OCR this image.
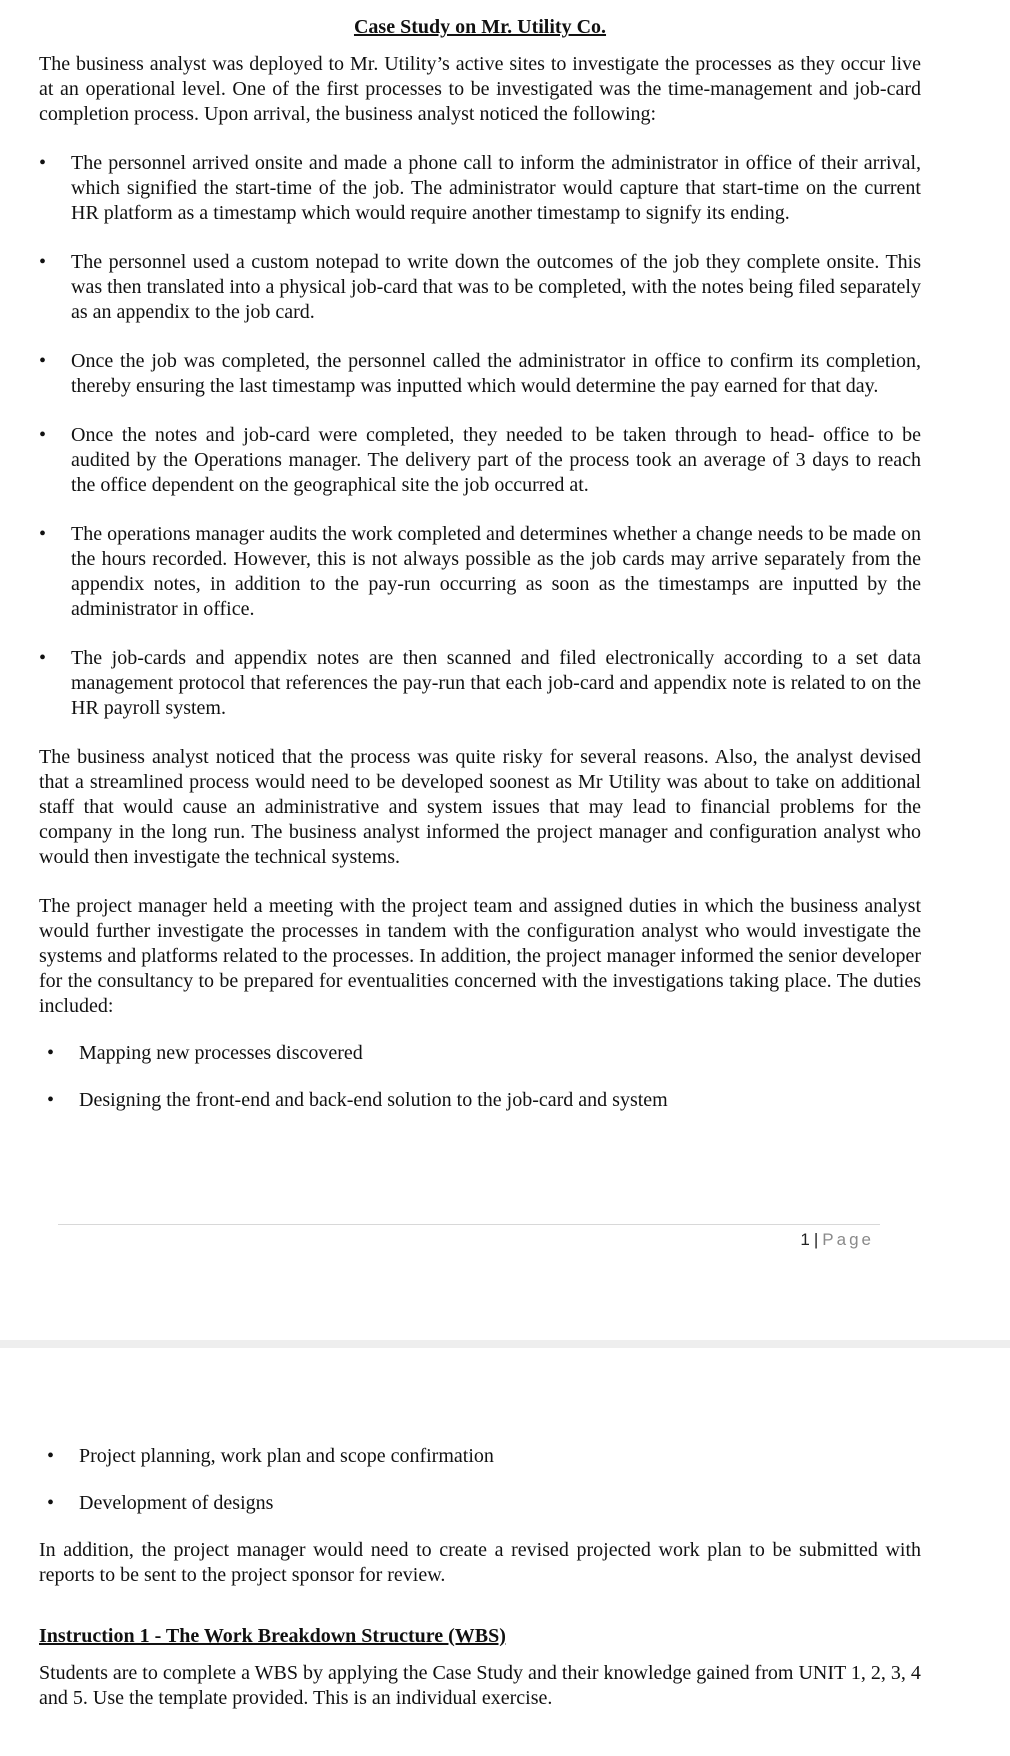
Case Study on Mr. Utility Co.

The business analyst was deployed to Mr. Utility’s active sites to investigate the processes as they occur live at an operational level. One of the first processes to be investigated was the time-management and job-card completion process. Upon arrival, the business analyst noticed the following:

• The personnel arrived onsite and made a phone call to inform the administrator in office of their arrival, which signified the start-time of the job. The administrator would capture that start-time on the current HR platform as a timestamp which would require another timestamp to signify its ending.
• The personnel used a custom notepad to write down the outcomes of the job they complete onsite. This was then translated into a physical job-card that was to be completed, with the notes being filed separately as an appendix to the job card.
• Once the job was completed, the personnel called the administrator in office to confirm its completion, thereby ensuring the last timestamp was inputted which would determine the pay earned for that day.
• Once the notes and job-card were completed, they needed to be taken through to head- office to be audited by the Operations manager. The delivery part of the process took an average of 3 days to reach the office dependent on the geographical site the job occurred at.
• The operations manager audits the work completed and determines whether a change needs to be made on the hours recorded. However, this is not always possible as the job cards may arrive separately from the appendix notes, in addition to the pay-run occurring as soon as the timestamps are inputted by the administrator in office.
• The job-cards and appendix notes are then scanned and filed electronically according to a set data management protocol that references the pay-run that each job-card and appendix note is related to on the HR payroll system.

The business analyst noticed that the process was quite risky for several reasons. Also, the analyst devised that a streamlined process would need to be developed soonest as Mr Utility was about to take on additional staff that would cause an administrative and system issues that may lead to financial problems for the company in the long run. The business analyst informed the project manager and configuration analyst who would then investigate the technical systems.

The project manager held a meeting with the project team and assigned duties in which the business analyst would further investigate the processes in tandem with the configuration analyst who would investigate the systems and platforms related to the processes. In addition, the project manager informed the senior developer for the consultancy to be prepared for eventualities concerned with the investigations taking place. The duties included:

• Mapping new processes discovered
• Designing the front-end and back-end solution to the job-card and system
1 | Page
• Project planning, work plan and scope confirmation
• Development of designs

In addition, the project manager would need to create a revised projected work plan to be submitted with reports to be sent to the project sponsor for review.

Instruction 1 - The Work Breakdown Structure (WBS)

Students are to complete a WBS by applying the Case Study and their knowledge gained from UNIT 1, 2, 3, 4 and 5. Use the template provided. This is an individual exercise.
